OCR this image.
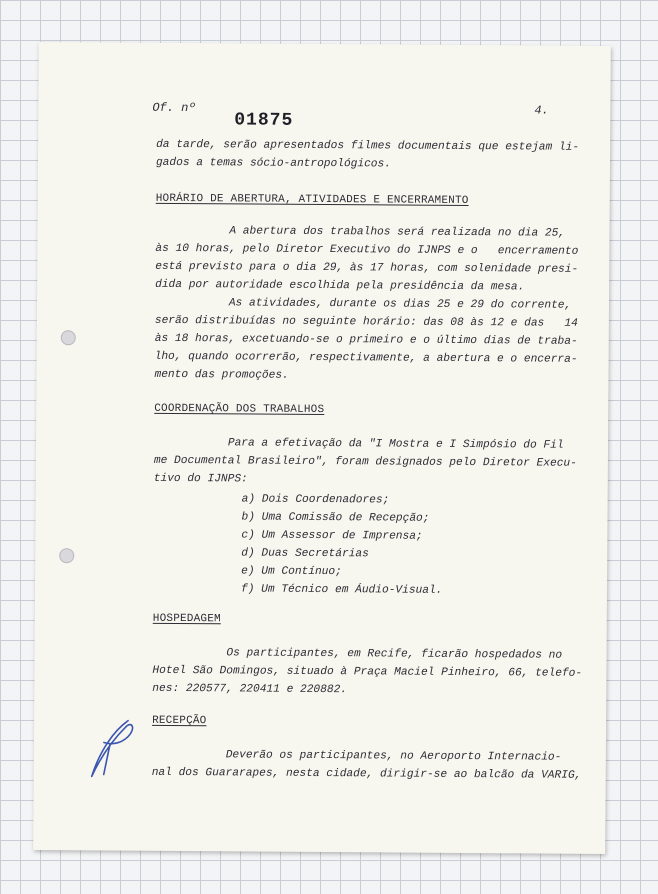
Of. nº
01875	4.
da tarde, serão apresentados filmes documentais que estejam li-
gados a temas sócio-antropológicos.
HORÁRIO DE ABERTURA, ATIVIDADES E ENCERRAMENTO
A abertura dos trabalhos será realizada no dia 25,
às 10 horas, pelo Diretor Executivo do IJNPS e o   encerramento
está previsto para o dia 29, às 17 horas, com solenidade presi-
dida por autoridade escolhida pela presidência da mesa.
As atividades, durante os dias 25 e 29 do corrente,
serão distribuídas no seguinte horário: das 08 às 12 e das   14
às 18 horas, excetuando-se o primeiro e o último dias de traba-
lho, quando ocorrerão, respectivamente, a abertura e o encerra-
mento das promoções.
COORDENAÇÃO DOS TRABALHOS
Para a efetivação da "I Mostra e I Simpósio do Fil
me Documental Brasileiro", foram designados pelo Diretor Execu-
tivo do IJNPS:
a) Dois Coordenadores;
b) Uma Comissão de Recepção;
c) Um Assessor de Imprensa;
d) Duas Secretárias
e) Um Contínuo;
f) Um Técnico em Áudio-Visual.
HOSPEDAGEM
Os participantes, em Recife, ficarão hospedados no
Hotel São Domingos, situado à Praça Maciel Pinheiro, 66, telefo-
nes: 220577, 220411 e 220882.
RECEPÇÃO
Deverão os participantes, no Aeroporto Internacio-
nal dos Guararapes, nesta cidade, dirigir-se ao balcão da VARIG,
